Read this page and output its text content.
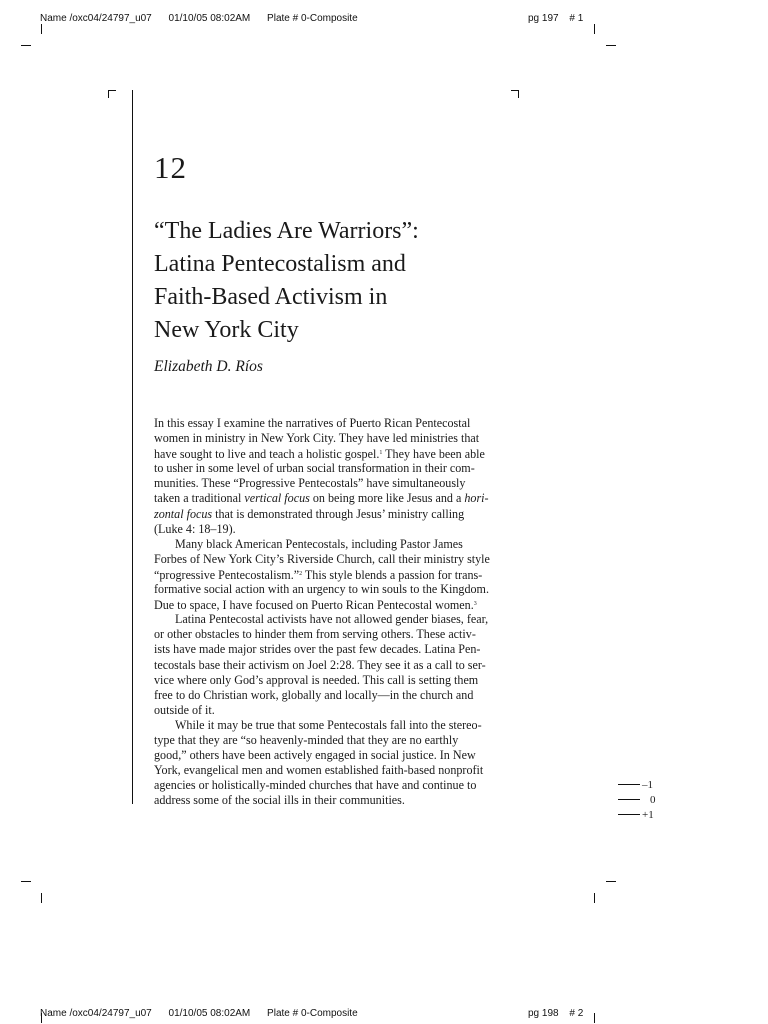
Name /oxc04/24797_u07 01/10/05 08:02AM Plate # 0-Composite	pg 197 # 1
12
“The Ladies Are Warriors”:
Latina Pentecostalism and
Faith-Based Activism in
New York City
Elizabeth D. Ríos
In this essay I examine the narratives of Puerto Rican Pentecostal
women in ministry in New York City. They have led ministries that
have sought to live and teach a holistic gospel.$^1$ They have been able
to usher in some level of urban social transformation in their com-
munities. These “Progressive Pentecostals” have simultaneously
taken a traditional vertical focus on being more like Jesus and a hori-
zontal focus that is demonstrated through Jesus’ ministry calling
(Luke 4: 18–19).
Many black American Pentecostals, including Pastor James
Forbes of New York City’s Riverside Church, call their ministry style
“progressive Pentecostalism.”$^2$ This style blends a passion for trans-
formative social action with an urgency to win souls to the Kingdom.
Due to space, I have focused on Puerto Rican Pentecostal women.$^3$
Latina Pentecostal activists have not allowed gender biases, fear,
or other obstacles to hinder them from serving others. These activ-
ists have made major strides over the past few decades. Latina Pen-
tecostals base their activism on Joel 2:28. They see it as a call to ser-
vice where only God’s approval is needed. This call is setting them
free to do Christian work, globally and locally—in the church and
outside of it.
While it may be true that some Pentecostals fall into the stereo-
type that they are “so heavenly-minded that they are no earthly
good,” others have been actively engaged in social justice. In New
York, evangelical men and women established faith-based nonprofit
agencies or holistically-minded churches that have and continue to
address some of the social ills in their communities.
–1
0
+1
Name /oxc04/24797_u07 01/10/05 08:02AM Plate # 0-Composite	pg 198 # 2
